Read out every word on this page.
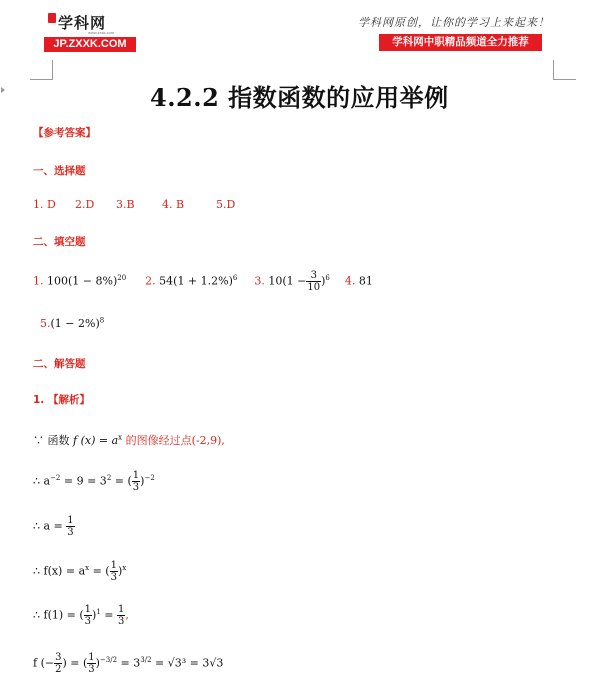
学科网
www.zxxk.com
JP.ZXXK.COM
学科网原创，让你的学习上来起来！
学科网中职精品频道全力推荐
4.2.2 指数函数的应用举例
【参考答案】
一、选择题
1. D 2.D 3.B 4. B	5.D
二、填空题
1. $100(1 - 8\%)^{20}$ 2. $54(1 + 1.2\%)^6$ 3. $10(1 - \frac{3}{10} )^6$ 4. 81
$5.(1 - 2\%)^8$
二、解答题
1. 【解析】
∵ 函数 f $(x) = a^x$ 的图像经过点(-2,9),
∴ $a^{-2} = 9 = 3^2$ = ( $\frac{1}{3} )^{-2}$
∴ $a = \frac{1}{3}$
∴ $f(x) = a^x$ = ( $\frac{1}{3} )^x$
∴ f(1) = ( $\frac{1}{3} )^1 = \frac{1}{3}$ ,
f (− $\frac{3}{2}$ ) = ( $\frac{1}{3} )^{-3/2} = 3^{3/2} = √3^3 = 3√3$
